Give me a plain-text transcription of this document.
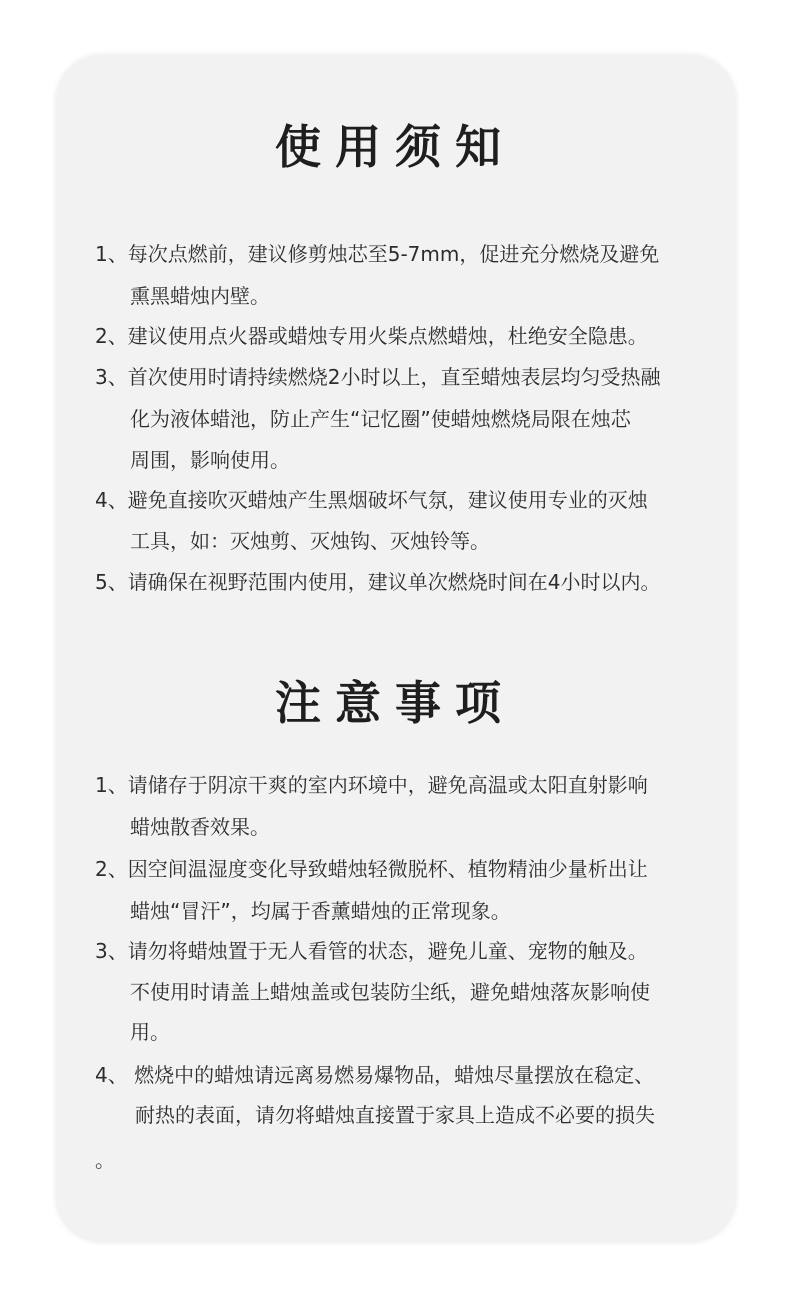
使用须知
1、每次点燃前，建议修剪烛芯至5-7mm，促进充分燃烧及避免
熏黑蜡烛内壁。
2、建议使用点火器或蜡烛专用火柴点燃蜡烛，杜绝安全隐患。
3、首次使用时请持续燃烧2小时以上，直至蜡烛表层均匀受热融
化为液体蜡池，防止产生“记忆圈”使蜡烛燃烧局限在烛芯
周围，影响使用。
4、避免直接吹灭蜡烛产生黑烟破坏气氛，建议使用专业的灭烛
工具，如：灭烛剪、灭烛钩、灭烛铃等。
5、请确保在视野范围内使用，建议单次燃烧时间在4小时以内。
注意事项
1、请储存于阴凉干爽的室内环境中，避免高温或太阳直射影响
蜡烛散香效果。
2、因空间温湿度变化导致蜡烛轻微脱杯、植物精油少量析出让
蜡烛“冒汗”，均属于香薰蜡烛的正常现象。
3、请勿将蜡烛置于无人看管的状态，避免儿童、宠物的触及。
不使用时请盖上蜡烛盖或包装防尘纸，避免蜡烛落灰影响使
用。
4、 燃烧中的蜡烛请远离易燃易爆物品，蜡烛尽量摆放在稳定、
耐热的表面，请勿将蜡烛直接置于家具上造成不必要的损失
。
